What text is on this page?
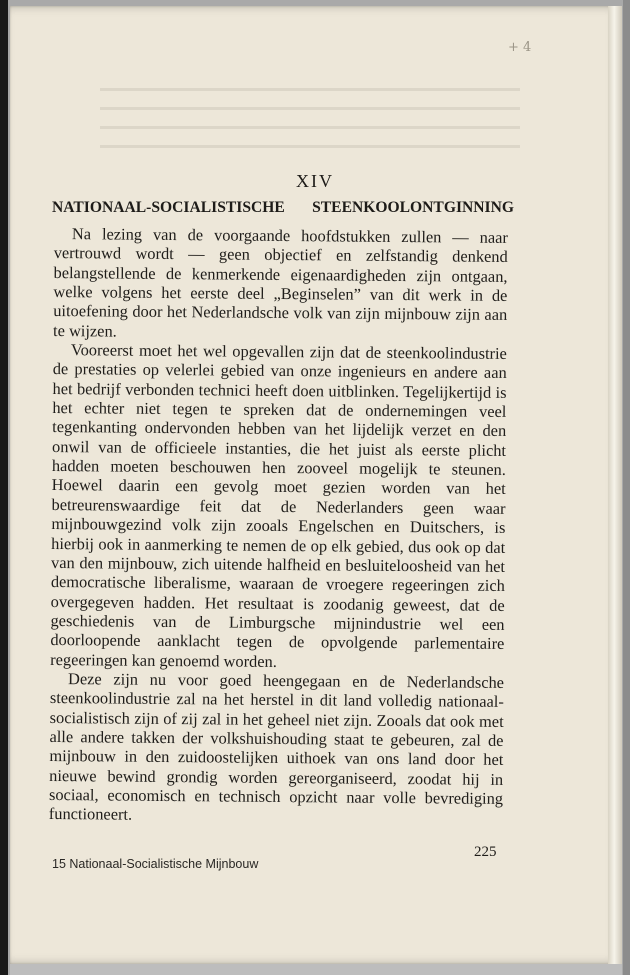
+ 4
XIV
NATIONAAL-SOCIALISTISCHE STEENKOOLONTGINNING

Na lezing van de voorgaande hoofdstukken zullen — naar vertrouwd wordt — geen objectief en zelfstandig denkend belangstellende de kenmerkende eigenaardigheden zijn ontgaan, welke volgens het eerste deel „Beginselen” van dit werk in de uitoefening door het Nederlandsche volk van zijn mijnbouw zijn aan te wijzen.

Vooreerst moet het wel opgevallen zijn dat de steenkoolindustrie de prestaties op velerlei gebied van onze ingenieurs en andere aan het bedrijf verbonden technici heeft doen uitblinken. Tegelijkertijd is het echter niet tegen te spreken dat de ondernemingen veel tegenkanting ondervonden hebben van het lijdelijk verzet en den onwil van de officieele instanties, die het juist als eerste plicht hadden moeten beschouwen hen zooveel mogelijk te steunen. Hoewel daarin een gevolg moet gezien worden van het betreurenswaardige feit dat de Nederlanders geen waar mijnbouwgezind volk zijn zooals Engelschen en Duitschers, is hierbij ook in aanmerking te nemen de op elk gebied, dus ook op dat van den mijnbouw, zich uitende halfheid en besluiteloosheid van het democratische liberalisme, waaraan de vroegere regeeringen zich overgegeven hadden. Het resultaat is zoodanig geweest, dat de geschiedenis van de Limburgsche mijnindustrie wel een doorloopende aanklacht tegen de opvolgende parlementaire regeeringen kan genoemd worden.

Deze zijn nu voor goed heengegaan en de Nederlandsche steenkoolindustrie zal na het herstel in dit land volledig nationaal-socialistisch zijn of zij zal in het geheel niet zijn. Zooals dat ook met alle andere takken der volkshuishouding staat te gebeuren, zal de mijnbouw in den zuidoostelijken uithoek van ons land door het nieuwe bewind grondig worden gereorganiseerd, zoodat hij in sociaal, economisch en technisch opzicht naar volle bevrediging functioneert.

225
15 Nationaal-Socialistische Mijnbouw
